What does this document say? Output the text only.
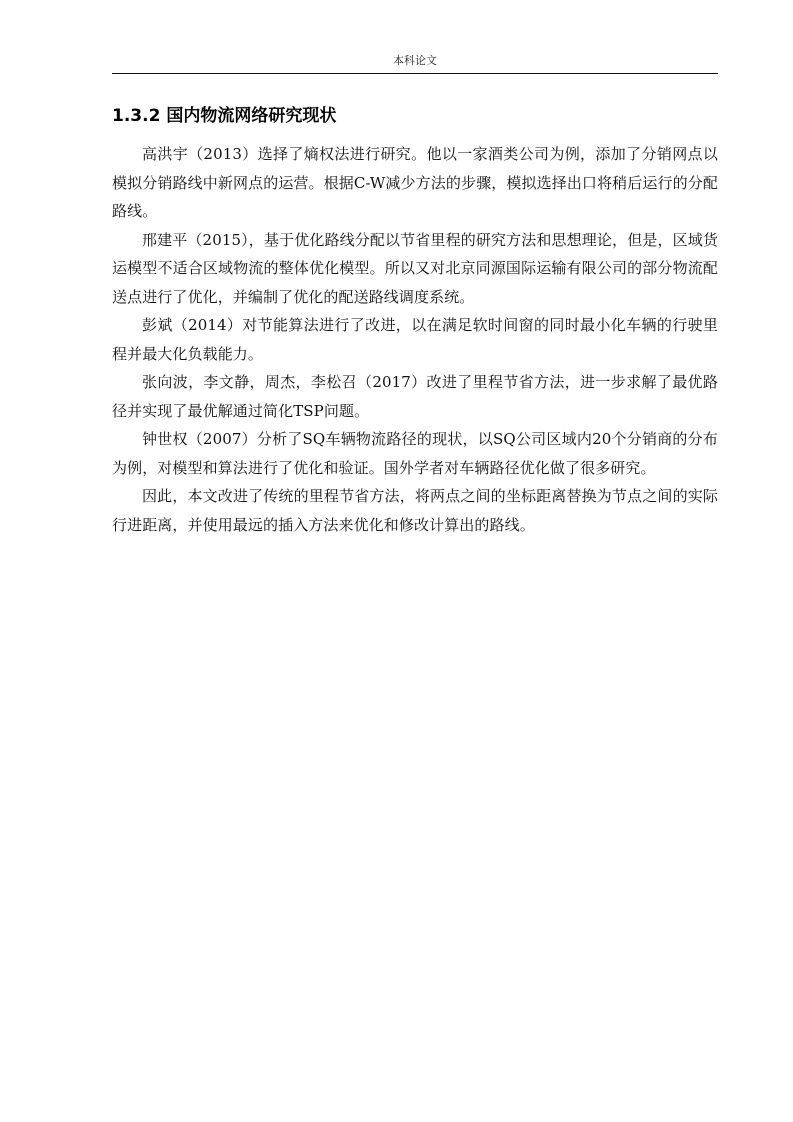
本科论文
1.3.2 国内物流网络研究现状

高洪宇（2013）选择了熵权法进行研究。他以一家酒类公司为例，添加了分销网点以模拟分销路线中新网点的运营。根据C-W减少方法的步骤，模拟选择出口将稍后运行的分配路线。

邢建平（2015），基于优化路线分配以节省里程的研究方法和思想理论，但是，区域货运模型不适合区域物流的整体优化模型。所以又对北京同源国际运输有限公司的部分物流配送点进行了优化，并编制了优化的配送路线调度系统。

彭斌（2014）对节能算法进行了改进，以在满足软时间窗的同时最小化车辆的行驶里程并最大化负载能力。

张向波，李文静，周杰，李松召（2017）改进了里程节省方法，进一步求解了最优路径并实现了最优解通过简化TSP问题。

钟世权（2007）分析了SQ车辆物流路径的现状，以SQ公司区域内20个分销商的分布为例，对模型和算法进行了优化和验证。国外学者对车辆路径优化做了很多研究。

因此，本文改进了传统的里程节省方法，将两点之间的坐标距离替换为节点之间的实际行进距离，并使用最远的插入方法来优化和修改计算出的路线。
